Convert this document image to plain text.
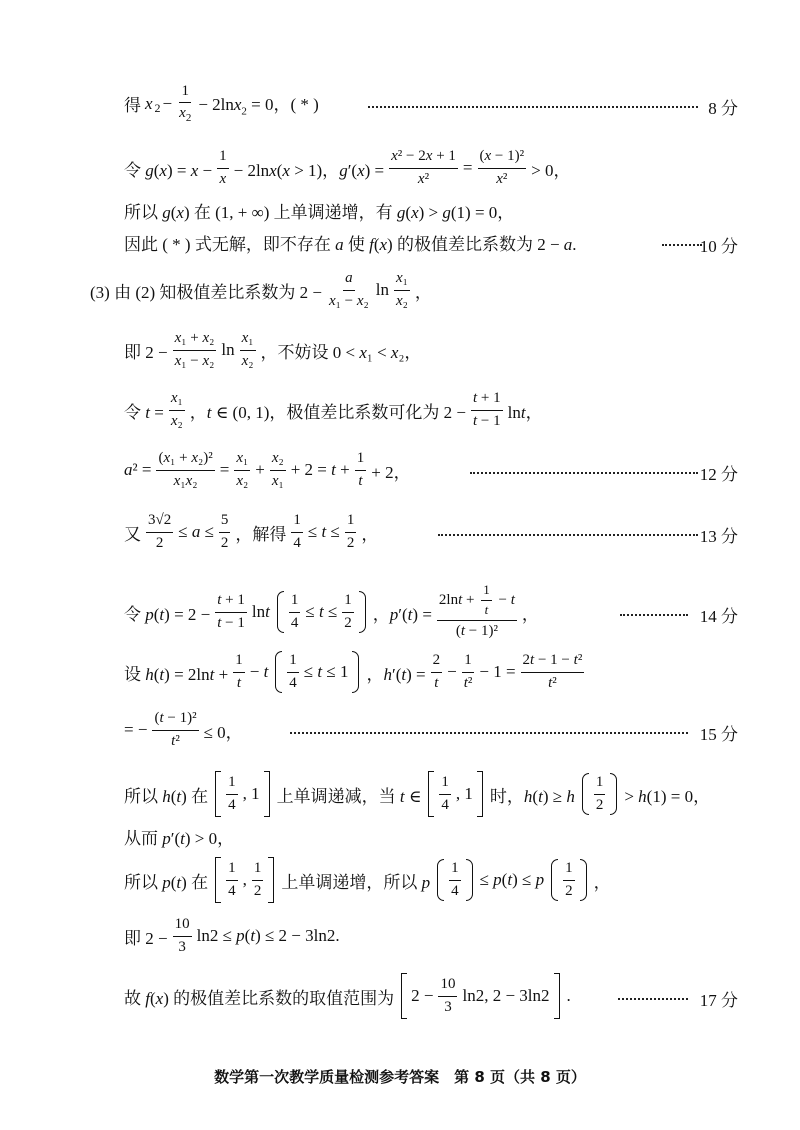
得 x $2 - \frac{1}{x_2} - 2\ln x_2 = 0$，( * )	8 分
令 $g(x) = x - \frac{1}{x} - 2\ln x(x > 1)$，$g'(x) = \frac{\text{x² − 2x + 1}}{\text{x²}} = \frac{\text{(x − 1)²}}{\text{x²}} > 0$，
所以 g(x) 在 (1, + ∞) 上单调递增，有 g(x) > g(1) = 0，
因此 ( * ) 式无解，即不存在 a 使 f(x) 的极值差比系数为 2 − a.	10 分
(3) 由 (2) 知极值差比系数为 $2 - \frac{a}{\text{x₁ − x₂}}$ $\ln \frac{\text{x₁}}{\text{x₂}}$ ，
即 $2 - \frac{\text{x₁ + x₂}}{\text{x₁ − x₂}}$ $\ln \frac{\text{x₁}}{\text{x₂}}$ ，不妨设 0 < x₁ < x₂，
令 $t = \frac{\text{x₁}}{\text{x₂}}$ ，t ∈ (0, 1)，极值差比系数可化为 $2 - \frac{t + 1}{t - 1}$ lnt，
$a^2 = \frac{\text{(x₁ + x₂)²}}{\text{x₁x₂}} = \frac{\text{x₁}}{\text{x₂}} + \frac{\text{x₂}}{\text{x₁}} + 2 = t + \frac{1}{t} + 2$，	12 分
又 $\frac{3√2}{2} \le a \le \frac{5}{2}$ ，解得 $\frac{1}{4} \le t \le \frac{1}{2}$ ，	13 分
令 $p(t) = 2 - \frac{t + 1}{t - 1}$ lnt $\frac{1}{4} \le t \le \frac{1}{2}$ ，$p'(t) = \frac{2\ln t + \frac{1}{t} - t}{\text{(t − 1)²}}$ ，	14 分
设 $h(t) = 2\ln t + \frac{1}{t} - t \frac{1}{4} \le t \le 1$ ，$h'(t) = \frac{2}{t} - \frac{1}{\text{t²}} - 1 = \frac{\text{2t − 1 − t²}}{\text{t²}}$
= − $\frac{\text{(t − 1)²}}{\text{t²}} \le 0$，	15 分
所以 h(t) 在 $\frac{1}{4}$ , 1 上单调递减，当 t ∈ $\frac{1}{4}$ , 1 时，h(t) ≥ h $\frac{1}{2} > h(1) = 0$，
从而 p′(t) > 0，
所以 p(t) 在 $\frac{1}{4}$ , $\frac{1}{2}$ 上单调递增，所以 p $\frac{1}{4} \le p(t) \le p \frac{1}{2}$ ，
即 $2 - \frac{10}{3} \ln 2 \le p(t) \le 2 - 3\ln 2$.
故 f(x) 的极值差比系数的取值范围为 $2 - \frac{10}{3} \ln 2$, 2 − 3ln2 .	17 分
数学第一次教学质量检测参考答案　第 8 页（共 8 页）
